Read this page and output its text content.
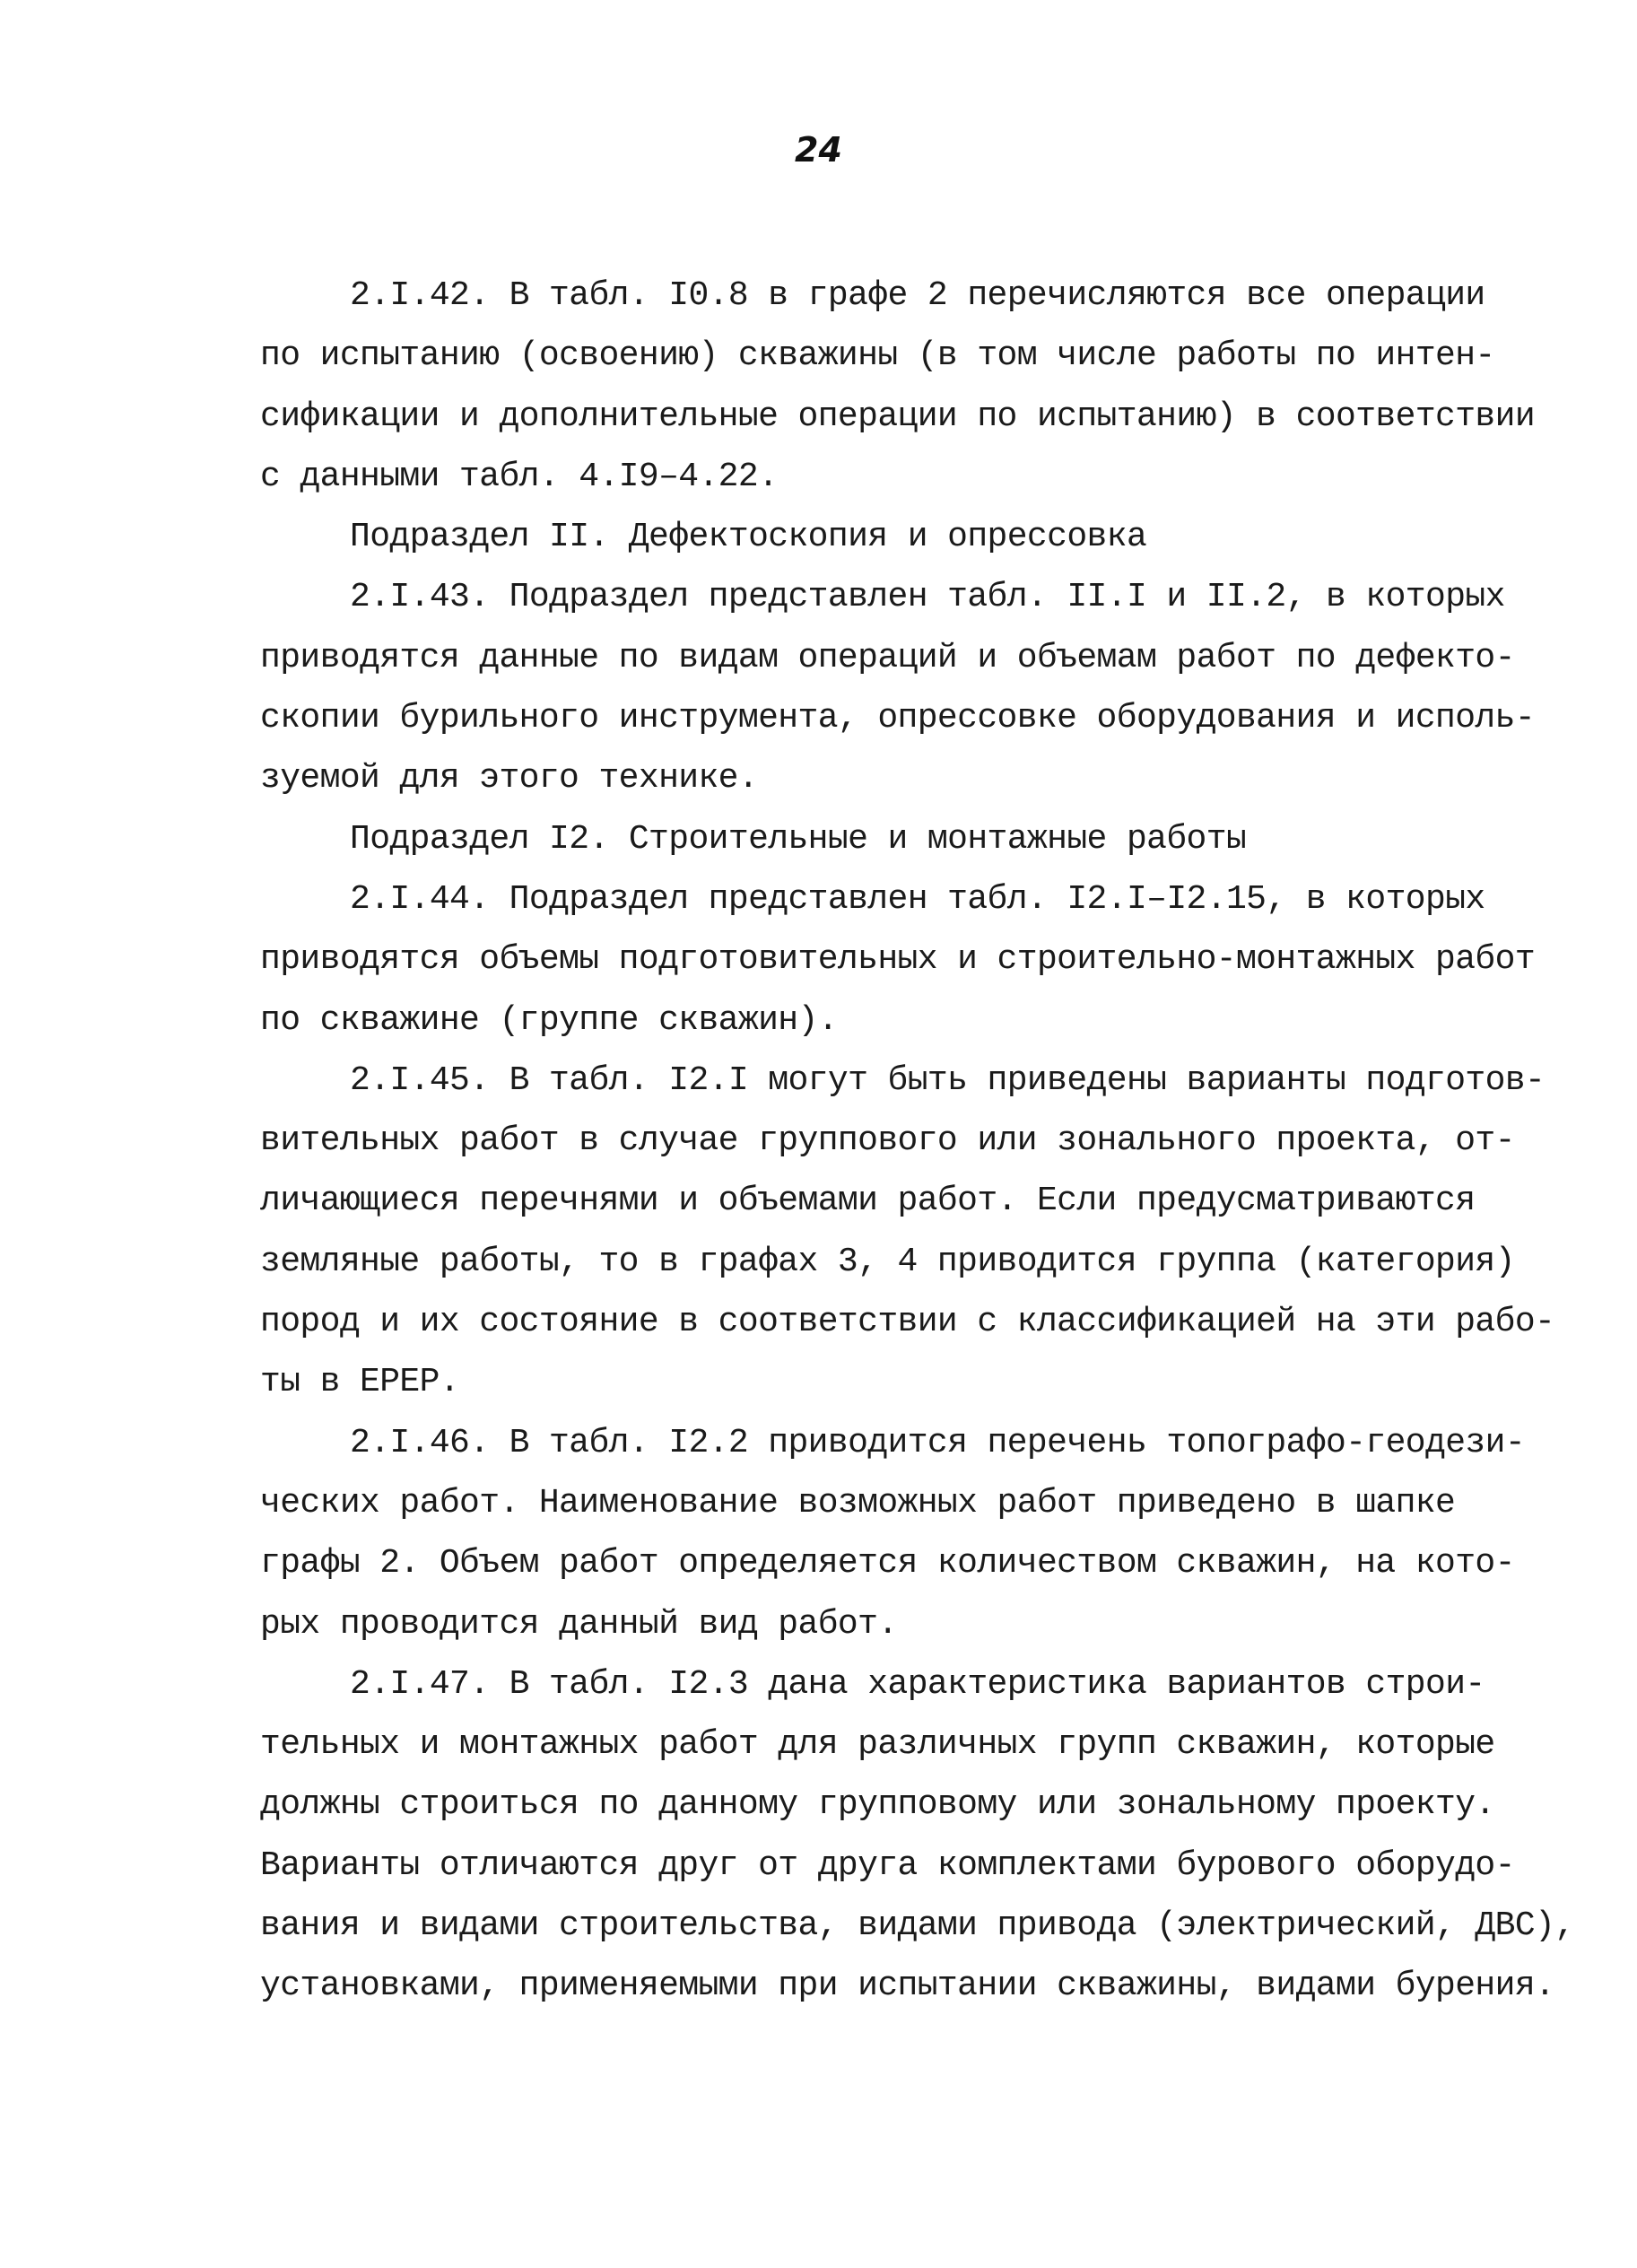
24
2.I.42. В табл. I0.8 в графе 2 перечисляются все операции
по испытанию (освоению) скважины (в том числе работы по интен-
сификации и дополнительные операции по испытанию) в соответствии
с данными табл. 4.I9–4.22.
Подраздел II. Дефектоскопия и опрессовка
2.I.43. Подраздел представлен табл. II.I и II.2, в которых
приводятся данные по видам операций и объемам работ по дефекто-
скопии бурильного инструмента, опрессовке оборудования и исполь-
зуемой для этого технике.
Подраздел I2. Строительные и монтажные работы
2.I.44. Подраздел представлен табл. I2.I–I2.15, в которых
приводятся объемы подготовительных и строительно-монтажных работ
по скважине (группе скважин).
2.I.45. В табл. I2.I могут быть приведены варианты подготов-
вительных работ в случае группового или зонального проекта, от-
личающиеся перечнями и объемами работ. Если предусматриваются
земляные работы, то в графах 3, 4 приводится группа (категория)
пород и их состояние в соответствии с классификацией на эти рабо-
ты в ЕРЕР.
2.I.46. В табл. I2.2 приводится перечень топографо-геодези-
ческих работ. Наименование возможных работ приведено в шапке
графы 2. Объем работ определяется количеством скважин, на кото-
рых проводится данный вид работ.
2.I.47. В табл. I2.3 дана характеристика вариантов строи-
тельных и монтажных работ для различных групп скважин, которые
должны строиться по данному групповому или зональному проекту.
Варианты отличаются друг от друга комплектами бурового оборудо-
вания и видами строительства, видами привода (электрический, ДВС),
установками, применяемыми при испытании скважины, видами бурения.
